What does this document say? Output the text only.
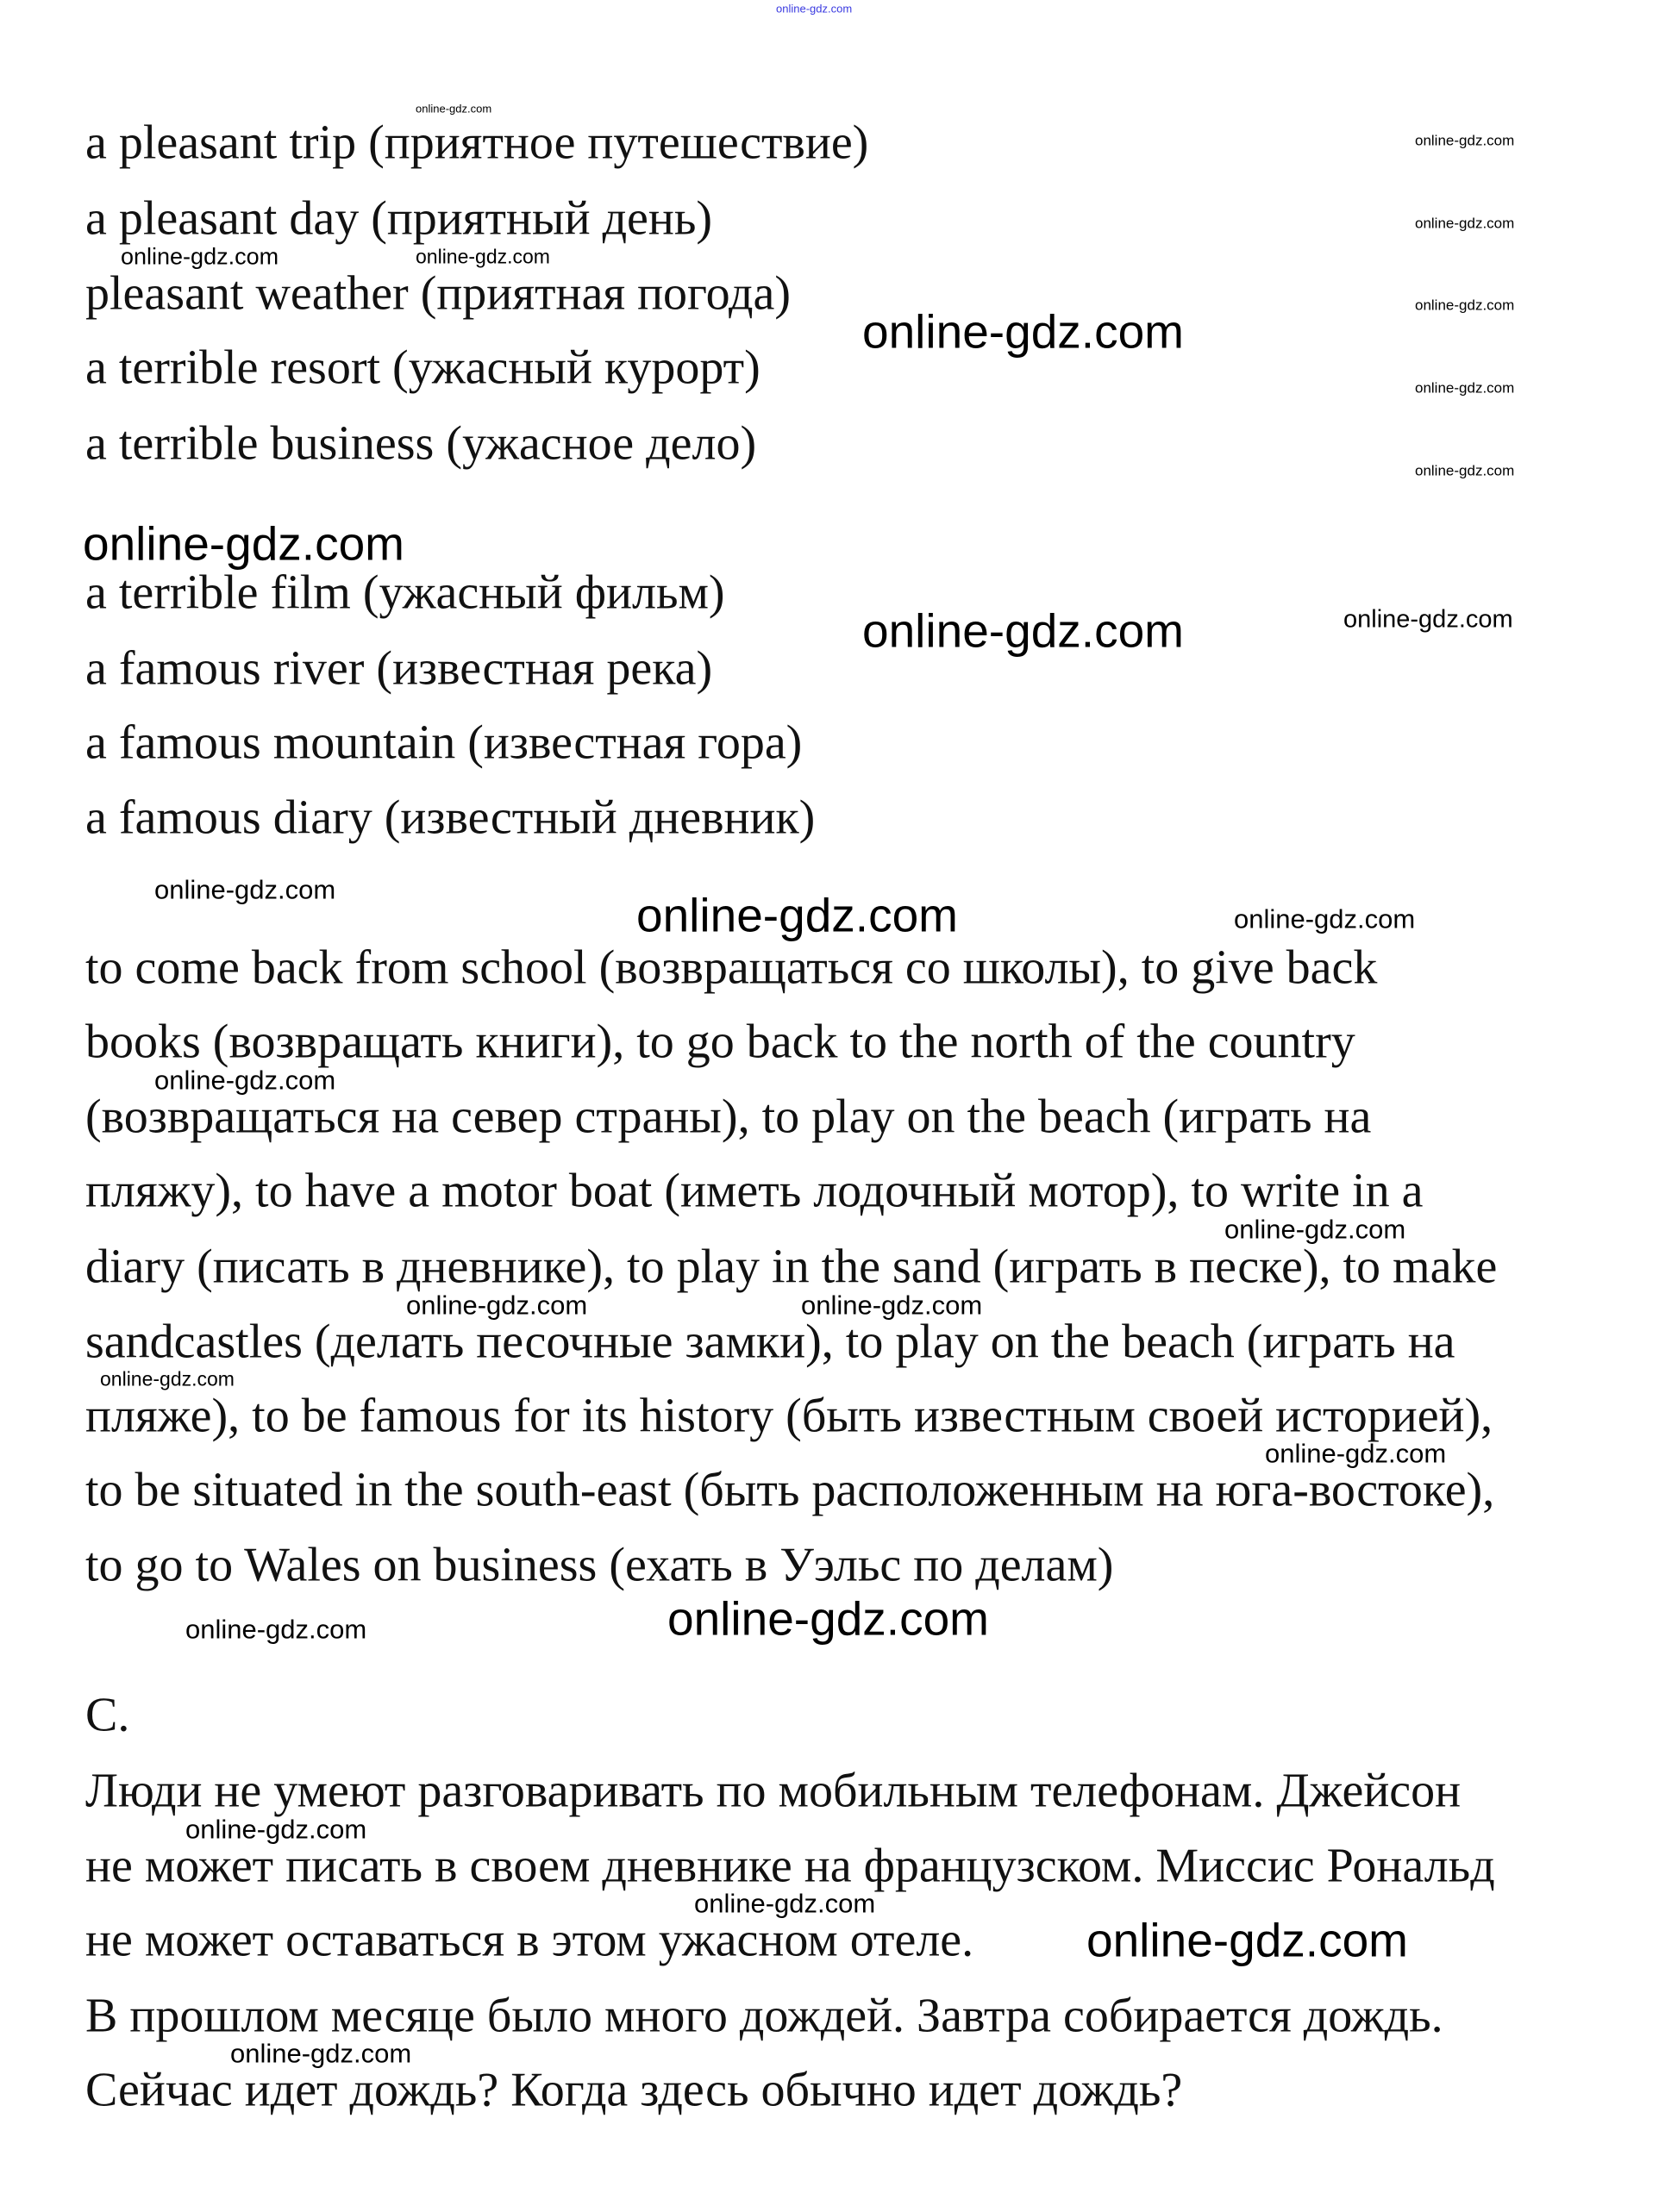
online-gdz.com
a pleasant trip (приятное путешествие)
a pleasant day (приятный день)
pleasant weather (приятная погода)
a terrible resort (ужасный курорт)
a terrible business (ужасное дело)
a terrible film (ужасный фильм)
a famous river (известная река)
a famous mountain (известная гора)
a famous diary (известный дневник)
to come back from school (возвращаться со школы), to give back
books (возвращать книги), to go back to the north of the country
(возвращаться на север страны), to play on the beach (играть на
пляжу), to have a motor boat (иметь лодочный мотор), to write in a
diary (писать в дневнике), to play in the sand (играть в песке), to make
sandcastles (делать песочные замки), to play on the beach (играть на
пляже), to be famous for its history (быть известным своей историей),
to be situated in the south-east (быть расположенным на юга-востоке),
to go to Wales on business (ехать в Уэльс по делам)
C.
Люди не умеют разговаривать по мобильным телефонам. Джейсон
не может писать в своем дневнике на французском. Миссис Рональд
не может оставаться в этом ужасном отеле.
В прошлом месяце было много дождей. Завтра собирается дождь.
Сейчас идет дождь? Когда здесь обычно идет дождь?
online-gdz.com
online-gdz.com
online-gdz.com
online-gdz.com
online-gdz.com
online-gdz.com
online-gdz.com	online-gdz.com
online-gdz.com
online-gdz.com
online-gdz.com	online-gdz.com
online-gdz.com	online-gdz.com	online-gdz.com
online-gdz.com
online-gdz.com
online-gdz.com
online-gdz.com
online-gdz.com
online-gdz.com
online-gdz.com
online-gdz.com
online-gdz.com
online-gdz.com
online-gdz.com
online-gdz.com
